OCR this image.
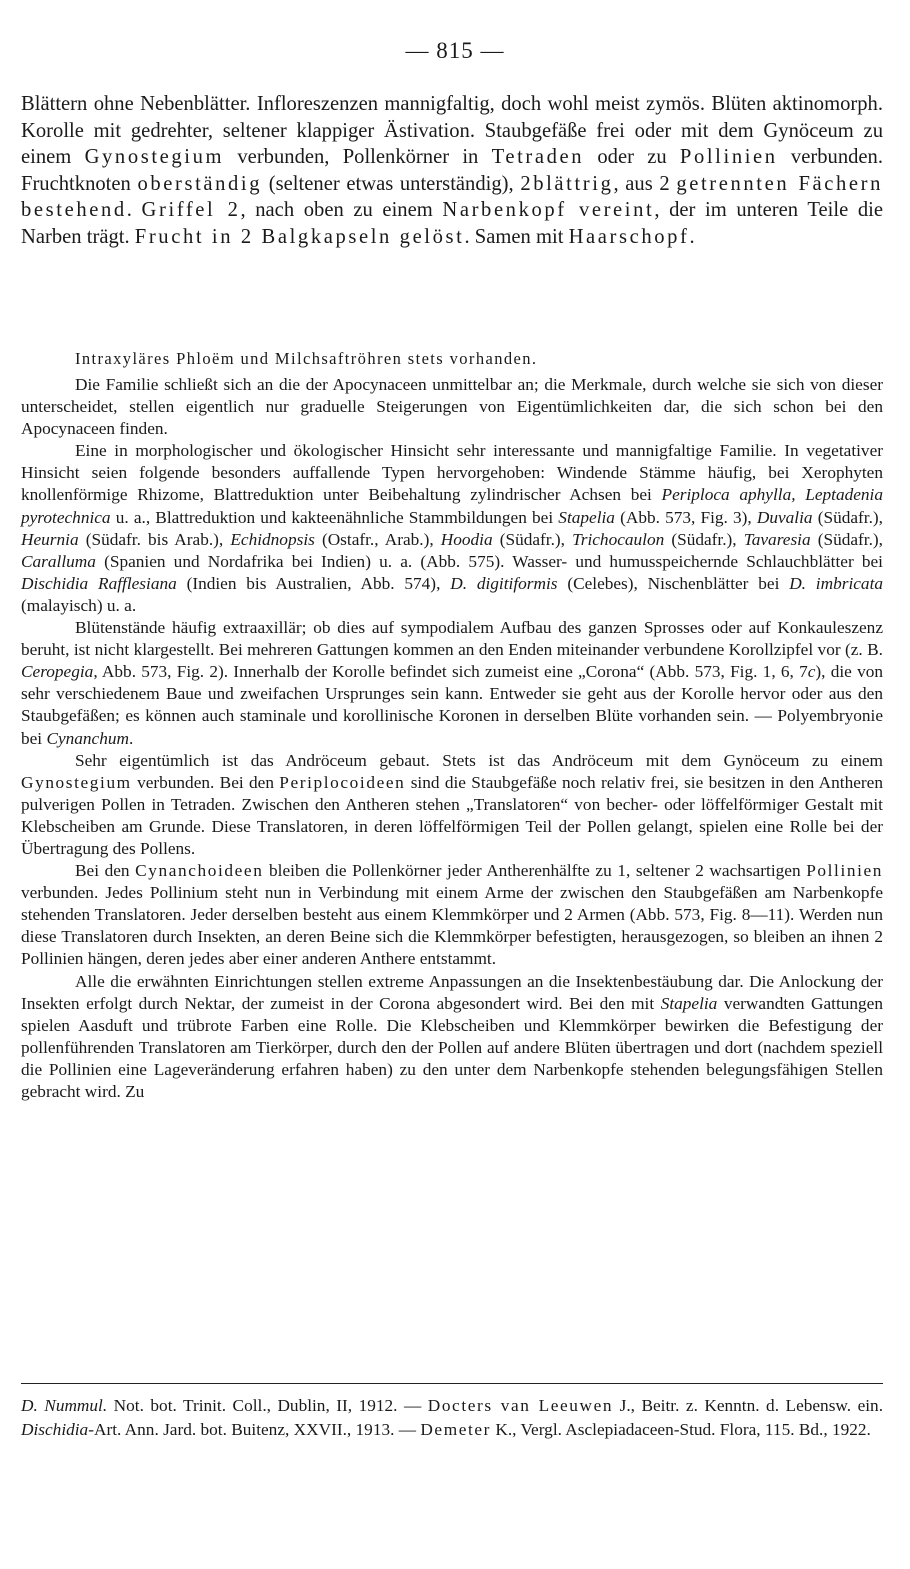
— 815 —

Blättern ohne Nebenblätter. Infloreszenzen mannigfaltig, doch wohl meist zymös. Blüten aktinomorph. Korolle mit gedrehter, seltener klappiger Ästivation. Staubgefäße frei oder mit dem Gynöceum zu einem Gynostegium verbunden, Pollenkörner in Tetraden oder zu Pollinien verbunden. Fruchtknoten oberständig (seltener etwas unterständig), 2blättrig, aus 2 getrennten Fächern bestehend. Griffel 2, nach oben zu einem Narbenkopf vereint, der im unteren Teile die Narben trägt. Frucht in 2 Balgkapseln gelöst. Samen mit Haarschopf.

Intraxyläres Phloëm und Milchsaftröhren stets vorhanden.

Die Familie schließt sich an die der Apocynaceen unmittelbar an; die Merkmale, durch welche sie sich von dieser unterscheidet, stellen eigentlich nur graduelle Steigerungen von Eigentümlichkeiten dar, die sich schon bei den Apocynaceen finden.

Eine in morphologischer und ökologischer Hinsicht sehr interessante und mannigfaltige Familie. In vegetativer Hinsicht seien folgende besonders auffallende Typen hervorgehoben: Windende Stämme häufig, bei Xerophyten knollenförmige Rhizome, Blattreduktion unter Beibehaltung zylindrischer Achsen bei Periploca aphylla, Leptadenia pyrotechnica u. a., Blattreduktion und kakteenähnliche Stammbildungen bei Stapelia (Abb. 573, Fig. 3), Duvalia (Südafr.), Heurnia (Südafr. bis Arab.), Echidnopsis (Ostafr., Arab.), Hoodia (Südafr.), Trichocaulon (Südafr.), Tavaresia (Südafr.), Caralluma (Spanien und Nordafrika bei Indien) u. a. (Abb. 575). Wasser- und humusspeichernde Schlauchblätter bei Dischidia Rafflesiana (Indien bis Australien, Abb. 574), D. digitiformis (Celebes), Nischenblätter bei D. imbricata (malayisch) u. a.

Blütenstände häufig extraaxillär; ob dies auf sympodialem Aufbau des ganzen Sprosses oder auf Konkauleszenz beruht, ist nicht klargestellt. Bei mehreren Gattungen kommen an den Enden miteinander verbundene Korollzipfel vor (z. B. Ceropegia, Abb. 573, Fig. 2). Innerhalb der Korolle befindet sich zumeist eine „Corona“ (Abb. 573, Fig. 1, 6, 7c), die von sehr verschiedenem Baue und zweifachen Ursprunges sein kann. Entweder sie geht aus der Korolle hervor oder aus den Staubgefäßen; es können auch staminale und korollinische Koronen in derselben Blüte vorhanden sein. — Polyembryonie bei Cynanchum.

Sehr eigentümlich ist das Andröceum gebaut. Stets ist das Andröceum mit dem Gynöceum zu einem Gynostegium verbunden. Bei den Periplocoideen sind die Staubgefäße noch relativ frei, sie besitzen in den Antheren pulverigen Pollen in Tetraden. Zwischen den Antheren stehen „Translatoren“ von becher- oder löffelförmiger Gestalt mit Klebscheiben am Grunde. Diese Translatoren, in deren löffelförmigen Teil der Pollen gelangt, spielen eine Rolle bei der Übertragung des Pollens.

Bei den Cynanchoideen bleiben die Pollenkörner jeder Antherenhälfte zu 1, seltener 2 wachsartigen Pollinien verbunden. Jedes Pollinium steht nun in Verbindung mit einem Arme der zwischen den Staubgefäßen am Narbenkopfe stehenden Translatoren. Jeder derselben besteht aus einem Klemmkörper und 2 Armen (Abb. 573, Fig. 8—11). Werden nun diese Translatoren durch Insekten, an deren Beine sich die Klemmkörper befestigten, herausgezogen, so bleiben an ihnen 2 Pollinien hängen, deren jedes aber einer anderen Anthere entstammt.

Alle die erwähnten Einrichtungen stellen extreme Anpassungen an die Insektenbestäubung dar. Die Anlockung der Insekten erfolgt durch Nektar, der zumeist in der Corona abgesondert wird. Bei den mit Stapelia verwandten Gattungen spielen Aasduft und trübrote Farben eine Rolle. Die Klebscheiben und Klemmkörper bewirken die Befestigung der pollenführenden Translatoren am Tierkörper, durch den der Pollen auf andere Blüten übertragen und dort (nachdem speziell die Pollinien eine Lageveränderung erfahren haben) zu den unter dem Narbenkopfe stehenden belegungsfähigen Stellen gebracht wird. Zu

D. Nummul. Not. bot. Trinit. Coll., Dublin, II, 1912. — Docters van Leeuwen J., Beitr. z. Kenntn. d. Lebensw. ein. Dischidia-Art. Ann. Jard. bot. Buitenz, XXVII., 1913. — Demeter K., Vergl. Asclepiadaceen-Stud. Flora, 115. Bd., 1922.
